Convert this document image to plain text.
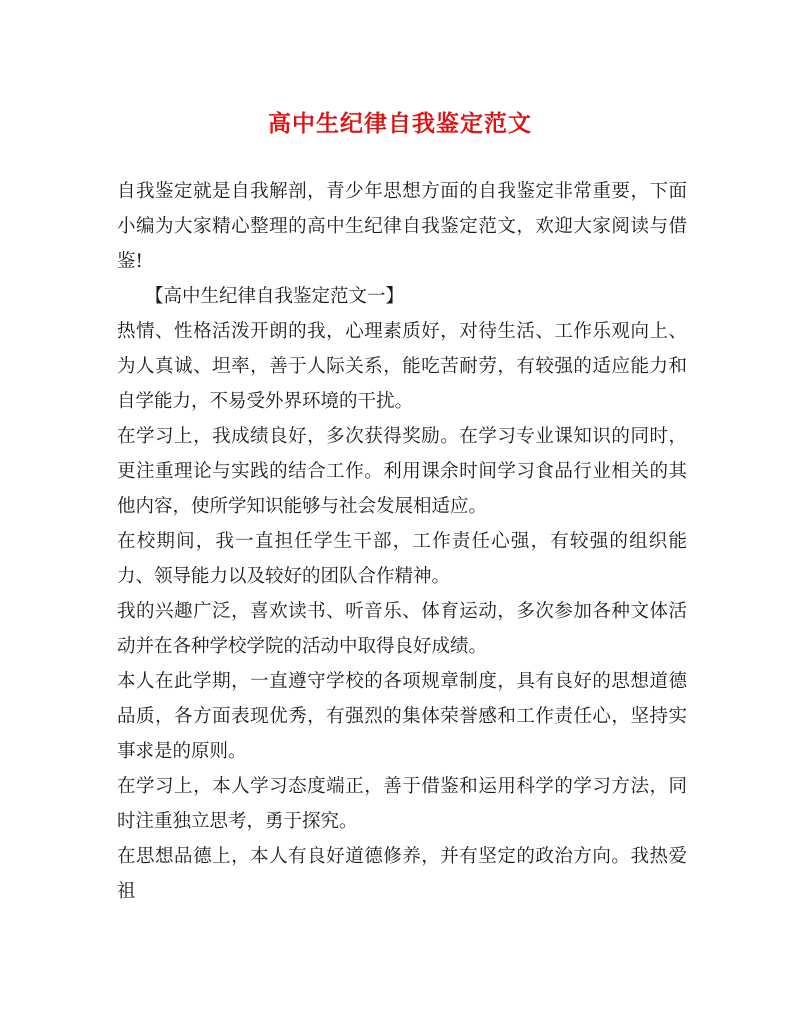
高中生纪律自我鉴定范文

自我鉴定就是自我解剖，青少年思想方面的自我鉴定非常重要，下面小编为大家精心整理的高中生纪律自我鉴定范文，欢迎大家阅读与借鉴!

【高中生纪律自我鉴定范文一】

热情、性格活泼开朗的我，心理素质好，对待生活、工作乐观向上、为人真诚、坦率，善于人际关系，能吃苦耐劳，有较强的适应能力和自学能力，不易受外界环境的干扰。

在学习上，我成绩良好，多次获得奖励。在学习专业课知识的同时，更注重理论与实践的结合工作。利用课余时间学习食品行业相关的其他内容，使所学知识能够与社会发展相适应。

在校期间，我一直担任学生干部，工作责任心强，有较强的组织能力、领导能力以及较好的团队合作精神。

我的兴趣广泛，喜欢读书、听音乐、体育运动，多次参加各种文体活动并在各种学校学院的活动中取得良好成绩。

本人在此学期，一直遵守学校的各项规章制度，具有良好的思想道德品质，各方面表现优秀，有强烈的集体荣誉感和工作责任心，坚持实事求是的原则。

在学习上，本人学习态度端正，善于借鉴和运用科学的学习方法，同时注重独立思考，勇于探究。

在思想品德上，本人有良好道德修养，并有坚定的政治方向。我热爱祖
